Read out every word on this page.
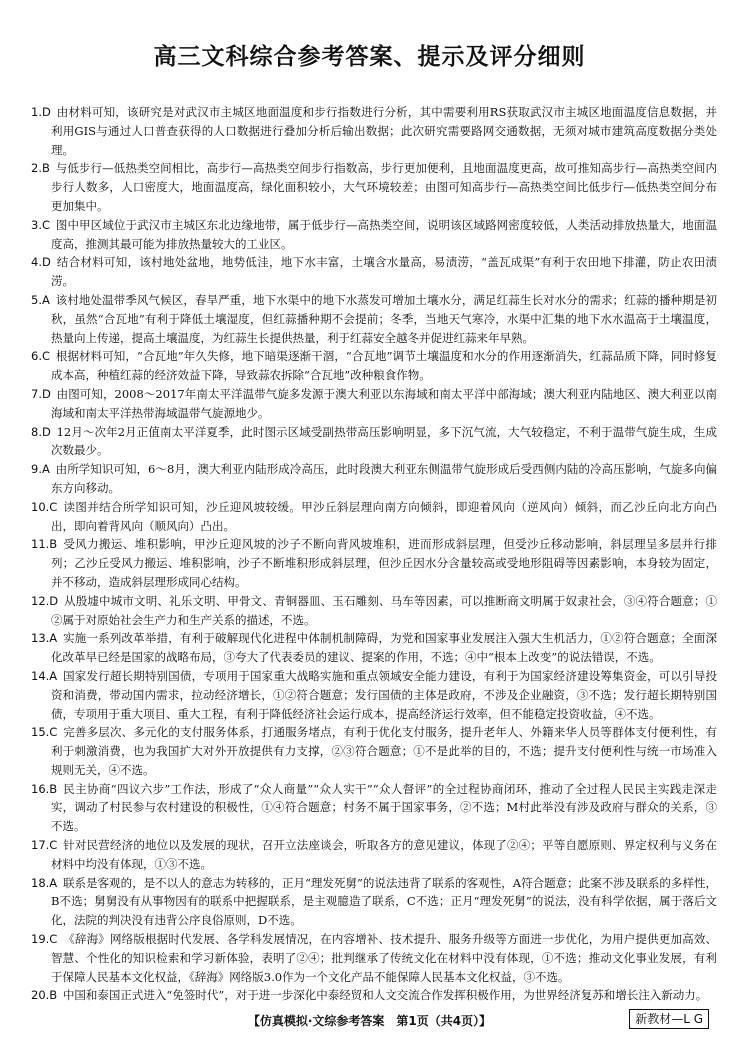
高三文科综合参考答案、提示及评分细则

1.D  由材料可知，该研究是对武汉市主城区地面温度和步行指数进行分析，其中需要利用RS获取武汉市主城区地面温度信息数据，并利用GIS与通过人口普查获得的人口数据进行叠加分析后输出数据；此次研究需要路网交通数据，无须对城市建筑高度数据分类处理。

2.B  与低步行—低热类空间相比，高步行—高热类空间步行指数高，步行更加便利，且地面温度更高，故可推知高步行—高热类空间内步行人数多，人口密度大，地面温度高，绿化面积较小，大气环境较差；由图可知高步行—高热类空间比低步行—低热类空间分布更加集中。

3.C  图中甲区域位于武汉市主城区东北边缘地带，属于低步行—高热类空间，说明该区域路网密度较低，人类活动排放热量大，地面温度高，推测其最可能为排放热量较大的工业区。

4.D  结合材料可知，该村地处盆地，地势低洼，地下水丰富，土壤含水量高，易渍涝，“盖瓦成渠”有利于农田地下排灌，防止农田渍涝。

5.A  该村地处温带季风气候区，春旱严重，地下水渠中的地下水蒸发可增加土壤水分，满足红蒜生长对水分的需求；红蒜的播种期是初秋，虽然“合瓦地”有利于降低土壤湿度，但红蒜播种期不会提前；冬季，当地天气寒冷，水渠中汇集的地下水水温高于土壤温度，热量向上传递，提高土壤温度，为红蒜生长提供热量，利于红蒜安全越冬并促进红蒜来年早熟。

6.C  根据材料可知，“合瓦地”年久失修，地下暗渠逐渐干涸，“合瓦地”调节土壤温度和水分的作用逐渐消失，红蒜品质下降，同时修复成本高，种植红蒜的经济效益下降，导致蒜农拆除“合瓦地”改种粮食作物。

7.D  由图可知，2008～2017年南太平洋温带气旋多发源于澳大利亚以东海域和南太平洋中部海域；澳大利亚内陆地区、澳大利亚以南海域和南太平洋热带海域温带气旋源地少。

8.D  12月～次年2月正值南太平洋夏季，此时图示区域受副热带高压影响明显，多下沉气流，大气较稳定，不利于温带气旋生成，生成次数最少。

9.A  由所学知识可知，6～8月，澳大利亚内陆形成冷高压，此时段澳大利亚东侧温带气旋形成后受西侧内陆的冷高压影响，气旋多向偏东方向移动。

10.C  读图并结合所学知识可知，沙丘迎风坡较缓。甲沙丘斜层理向南方向倾斜，即迎着风向（逆风向）倾斜，而乙沙丘向北方向凸出，即向着背风向（顺风向）凸出。

11.B  受风力搬运、堆积影响，甲沙丘迎风坡的沙子不断向背风坡堆积，进而形成斜层理，但受沙丘移动影响，斜层理呈多层并行排列；乙沙丘受风力搬运、堆积影响，沙子不断堆积形成斜层理，但沙丘因水分含量较高或受地形阻碍等因素影响，本身较为固定，并不移动，造成斜层理形成同心结构。

12.D  从殷墟中城市文明、礼乐文明、甲骨文、青铜器皿、玉石雕刻、马车等因素，可以推断商文明属于奴隶社会，③④符合题意；①②属于对原始社会生产力和生产关系的描述，不选。

13.A  实施一系列改革举措，有利于破解现代化进程中体制机制障碍，为党和国家事业发展注入强大生机活力，①②符合题意；全面深化改革早已经是国家的战略布局，③夸大了代表委员的建议、提案的作用，不选；④中“根本上改变”的说法错误，不选。

14.A  国家发行超长期特别国债，专项用于国家重大战略实施和重点领域安全能力建设，有利于为国家经济建设筹集资金，可以引导投资和消费，带动国内需求，拉动经济增长，①②符合题意；发行国债的主体是政府，不涉及企业融资，③不选；发行超长期特别国债，专项用于重大项目、重大工程，有利于降低经济社会运行成本，提高经济运行效率，但不能稳定投资收益，④不选。

15.C  完善多层次、多元化的支付服务体系，打通服务堵点，有利于优化支付服务，提升老年人、外籍来华人员等群体支付便利性，有利于刺激消费，也为我国扩大对外开放提供有力支撑，②③符合题意；①不是此举的目的，不选；提升支付便利性与统一市场准入规则无关，④不选。

16.B  民主协商“四议六步”工作法，形成了“众人商量”“众人实干”“众人督评”的全过程协商闭环，推动了全过程人民民主实践走深走实，调动了村民参与农村建设的积极性，①④符合题意；村务不属于国家事务，②不选；M村此举没有涉及政府与群众的关系，③不选。

17.C  针对民营经济的地位以及发展的现状，召开立法座谈会，听取各方的意见建议，体现了②④；平等自愿原则、界定权利与义务在材料中均没有体现，①③不选。

18.A  联系是客观的，是不以人的意志为转移的，正月“理发死舅”的说法违背了联系的客观性，A符合题意；此案不涉及联系的多样性，B不选；舅舅没有从事物因有的联系中把握联系，是主观臆造了联系，C不选；正月“理发死舅”的说法，没有科学依据，属于落后文化，法院的判决没有违背公序良俗原则，D不选。

19.C  《辞海》网络版根据时代发展、各学科发展情况，在内容增补、技术提升、服务升级等方面进一步优化，为用户提供更加高效、智慧、个性化的知识检索和学习新体验，表明了②④；批判继承了传统文化在材料中没有体现，①不选；推动文化事业发展，有利于保障人民基本文化权益，《辞海》网络版3.0作为一个文化产品不能保障人民基本文化权益，③不选。

20.B  中国和泰国正式进入“免签时代”，对于进一步深化中泰经贸和人文交流合作发挥积极作用，为世界经济复苏和增长注入新动力。

【仿真模拟·文综参考答案　第1页（共4页）】	新教材—L G
